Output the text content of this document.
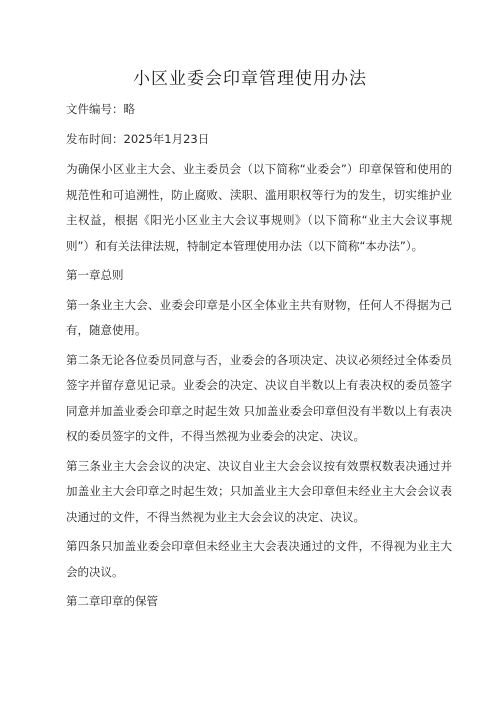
小区业委会印章管理使用办法
文件编号：略
发布时间：2025年1月23日

为确保小区业主大会、业主委员会（以下简称“业委会”）印章保管和使用的规范性和可追溯性，防止腐败、渎职、滥用职权等行为的发生，切实维护业主权益，根据《阳光小区业主大会议事规则》（以下简称“业主大会议事规则”）和有关法律法规，特制定本管理使用办法（以下简称“本办法”）。

第一章总则

第一条业主大会、业委会印章是小区全体业主共有财物，任何人不得据为己有，随意使用。

第二条无论各位委员同意与否，业委会的各项决定、决议必须经过全体委员签字并留存意见记录。业委会的决定、决议自半数以上有表决权的委员签字同意并加盖业委会印章之时起生效 只加盖业委会印章但没有半数以上有表决权的委员签字的文件，不得当然视为业委会的决定、决议。

第三条业主大会会议的决定、决议自业主大会会议按有效票权数表决通过并加盖业主大会印章之时起生效；只加盖业主大会印章但未经业主大会会议表决通过的文件，不得当然视为业主大会会议的决定、决议。

第四条只加盖业委会印章但未经业主大会表决通过的文件，不得视为业主大会的决议。

第二章印章的保管
